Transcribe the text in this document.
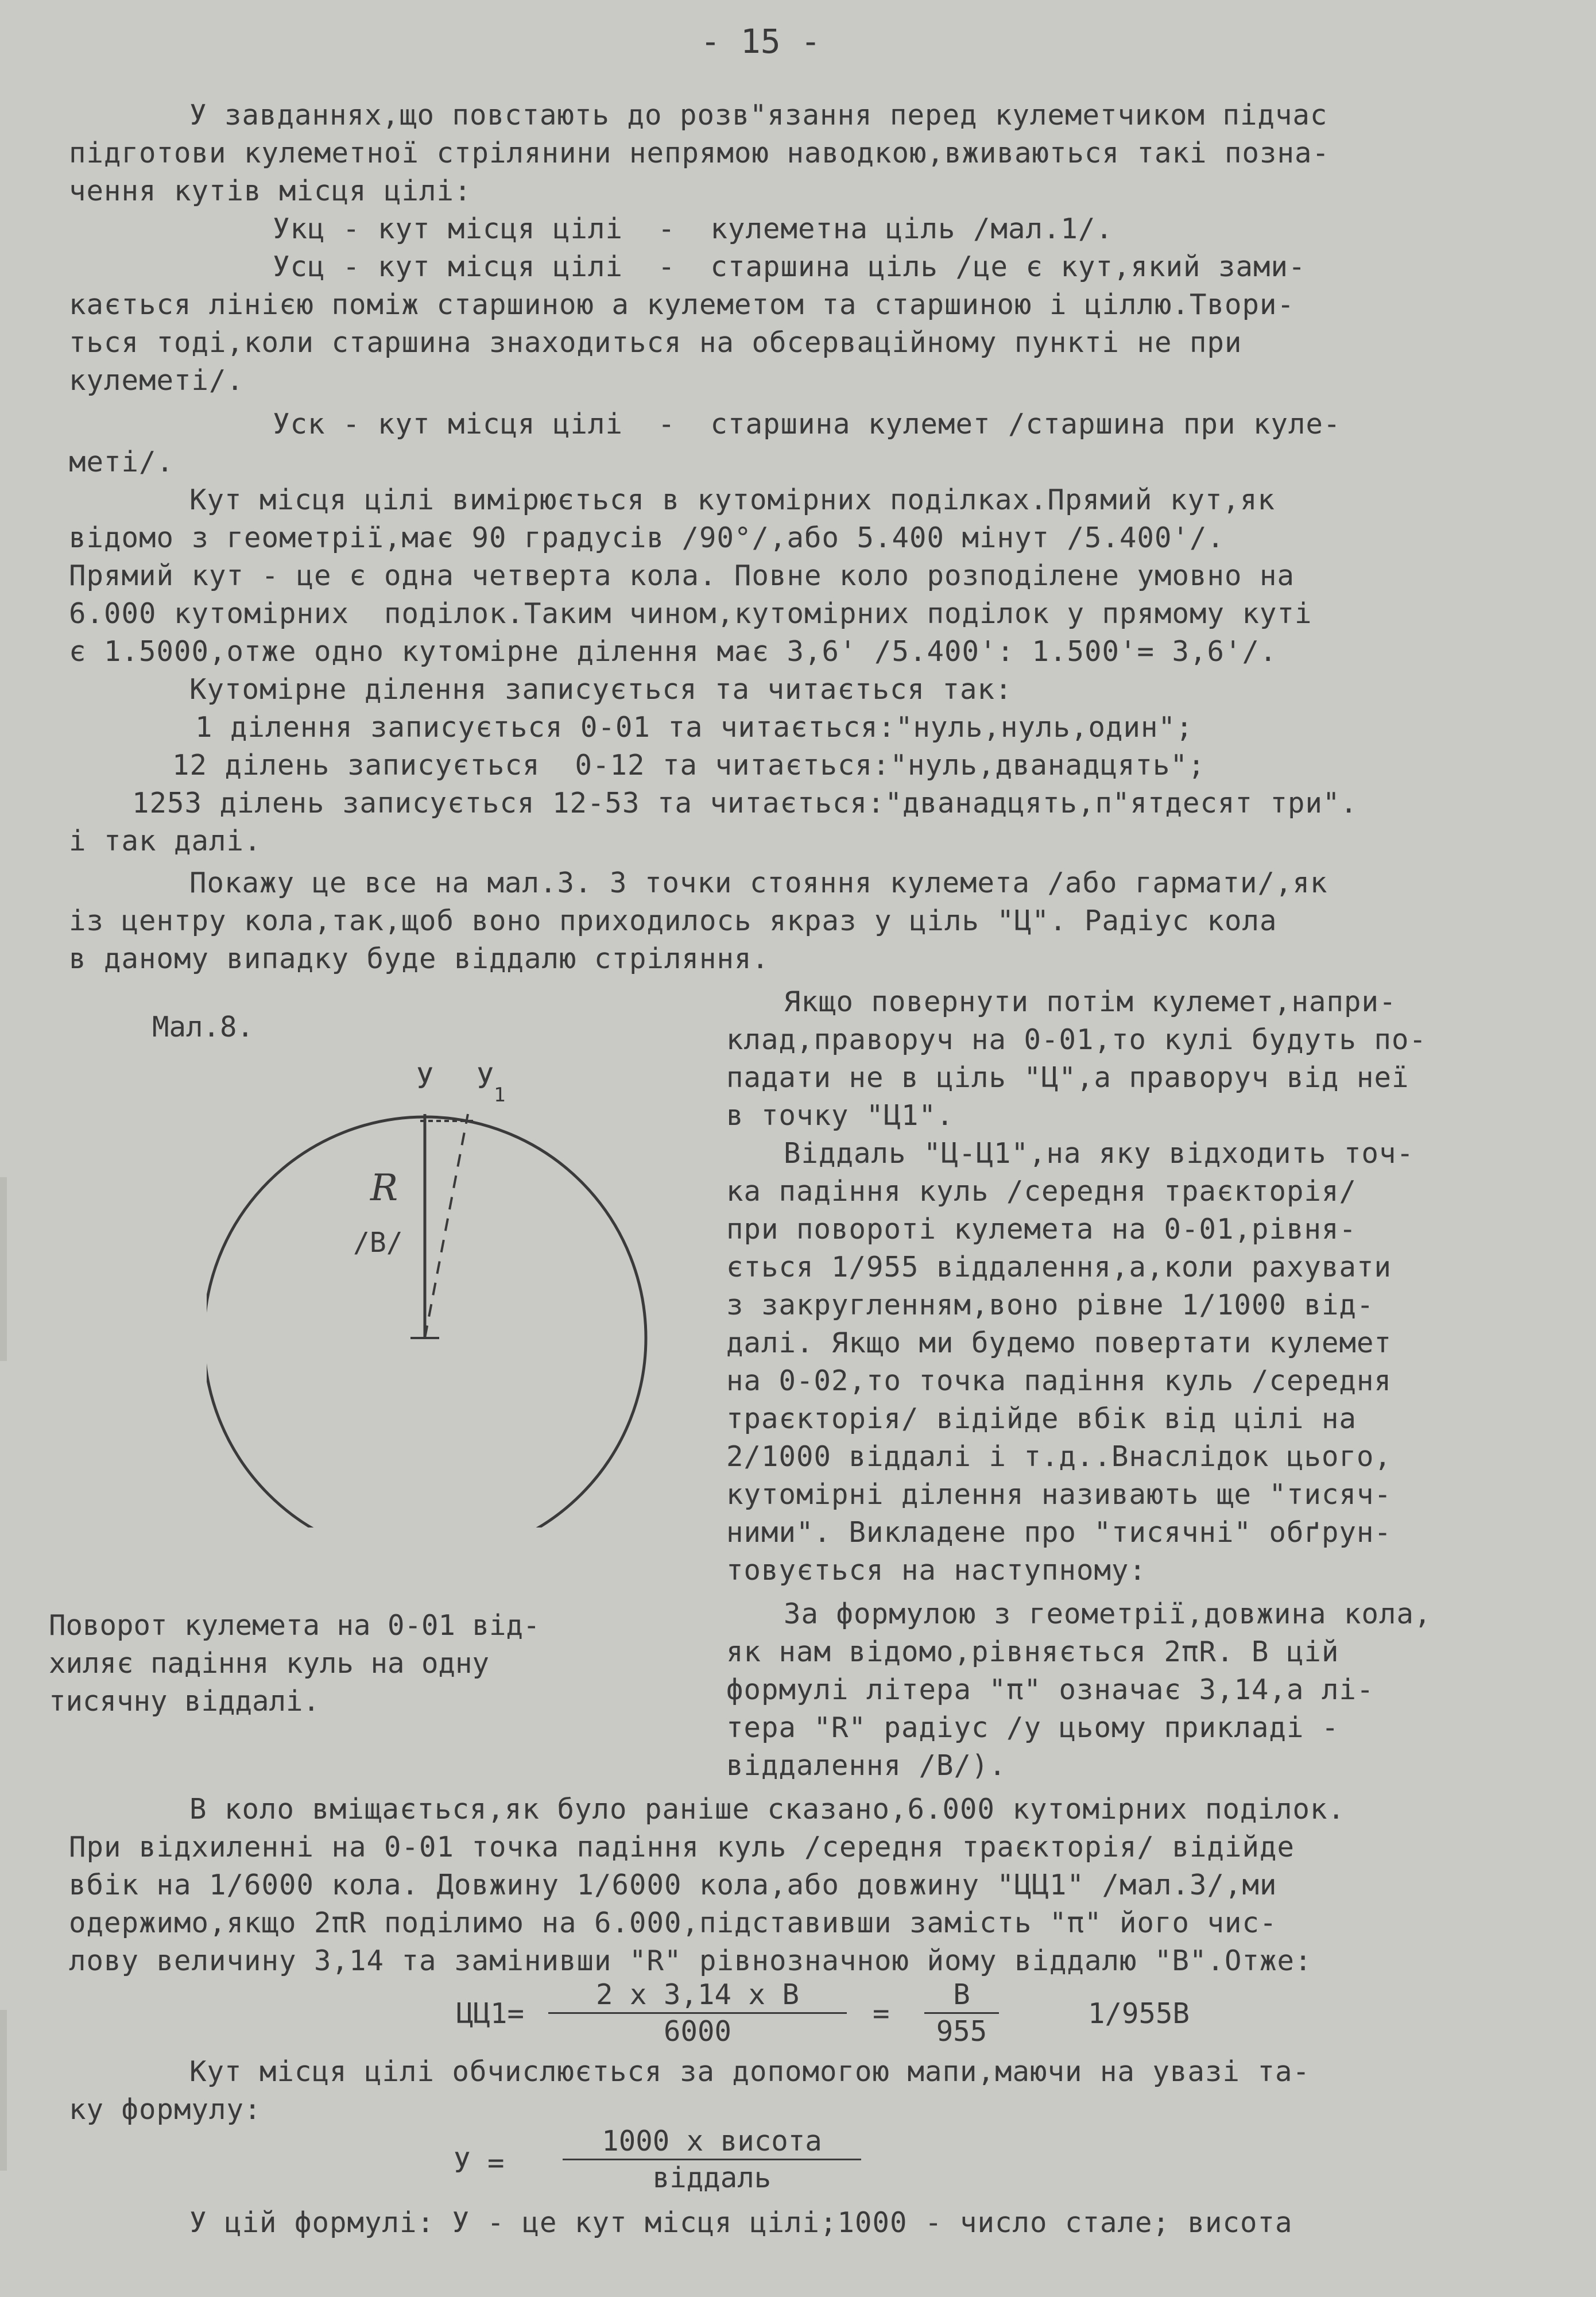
- 15 -
У завданнях,що повстають до розв"язання перед кулеметчиком підчас
підготови кулеметної стрілянини непрямою наводкою,вживаються такі позна-
чення кутів місця цілі:
Укц - кут місця цілі  -  кулеметна ціль /мал.1/.
Усц - кут місця цілі  -  старшина ціль /це є кут,який зами-
кається лінією поміж старшиною а кулеметом та старшиною і ціллю.Твори-
ться тоді,коли старшина знаходиться на обсерваційному пункті не при
кулеметі/.
Уск - кут місця цілі  -  старшина кулемет /старшина при куле-
меті/.
Кут місця цілі вимірюється в кутомірних поділках.Прямий кут,як
відомо з геометрії,має 90 градусів /90°/,або 5.400 мінут /5.400'/.
Прямий кут - це є одна четверта кола. Повне коло розподілене умовно на
6.000 кутомірних  поділок.Таким чином,кутомірних поділок у прямому куті
є 1.5000,отже одно кутомірне ділення має 3,6' /5.400': 1.500'= 3,6'/.
Кутомірне ділення записується та читається так:
1 ділення записується 0-01 та читається:"нуль,нуль,один";
12 ділень записується  0-12 та читається:"нуль,дванадцять";
1253 ділень записується 12-53 та читається:"дванадцять,п"ятдесят три".
і так далі.
Покажу це все на мал.3. З точки стояння кулемета /або гармати/,як
із центру кола,так,щоб воно приходилось якраз у ціль "Ц". Радіус кола
в даному випадку буде віддалю стріляння.
Мал.8.
У У 1
R
/В/
Якщо повернути потім кулемет,напри-
клад,праворуч на 0-01,то кулі будуть по-
падати не в ціль "Ц",а праворуч від неї
в точку "Ц1".
Віддаль "Ц-Ц1",на яку відходить точ-
ка падіння куль /середня траєкторія/
при повороті кулемета на 0-01,рівня-
ється 1/955 віддалення,а,коли рахувати
з закругленням,воно рівне 1/1000 від-
далі. Якщо ми будемо повертати кулемет
на 0-02,то точка падіння куль /середня
траєкторія/ відійде вбік від цілі на
2/1000 віддалі і т.д..Внаслідок цього,
кутомірні ділення називають ще "тисяч-
ними". Викладене про "тисячні" обґрун-
товується на наступному:
За формулою з геометрії,довжина кола,
як нам відомо,рівняється 2πR. В цій
формулі літера "π" означає 3,14,а лі-
тера "R" радіус /у цьому прикладі -
віддалення /В/).
Поворот кулемета на 0-01 від-
хиляє падіння куль на одну
тисячну віддалі.
В коло вміщається,як було раніше сказано,6.000 кутомірних поділок.
При відхиленні на 0-01 точка падіння куль /середня траєкторія/ відійде
вбік на 1/6000 кола. Довжину 1/6000 кола,або довжину "ЦЦ1" /мал.3/,ми
одержимо,якщо 2πR поділимо на 6.000,підставивши замість "π" його чис-
лову величину 3,14 та замінивши "R" рівнозначною йому віддалю "В".Отже:
ЦЦ1=
2 х 3,14 х В
6000
=
В
955
1/955В
Кут місця цілі обчислюється за допомогою мапи,маючи на увазі та-
ку формулу:
У =
1000 х висота
віддаль
У цій формулі: У - це кут місця цілі;1000 - число стале; висота
